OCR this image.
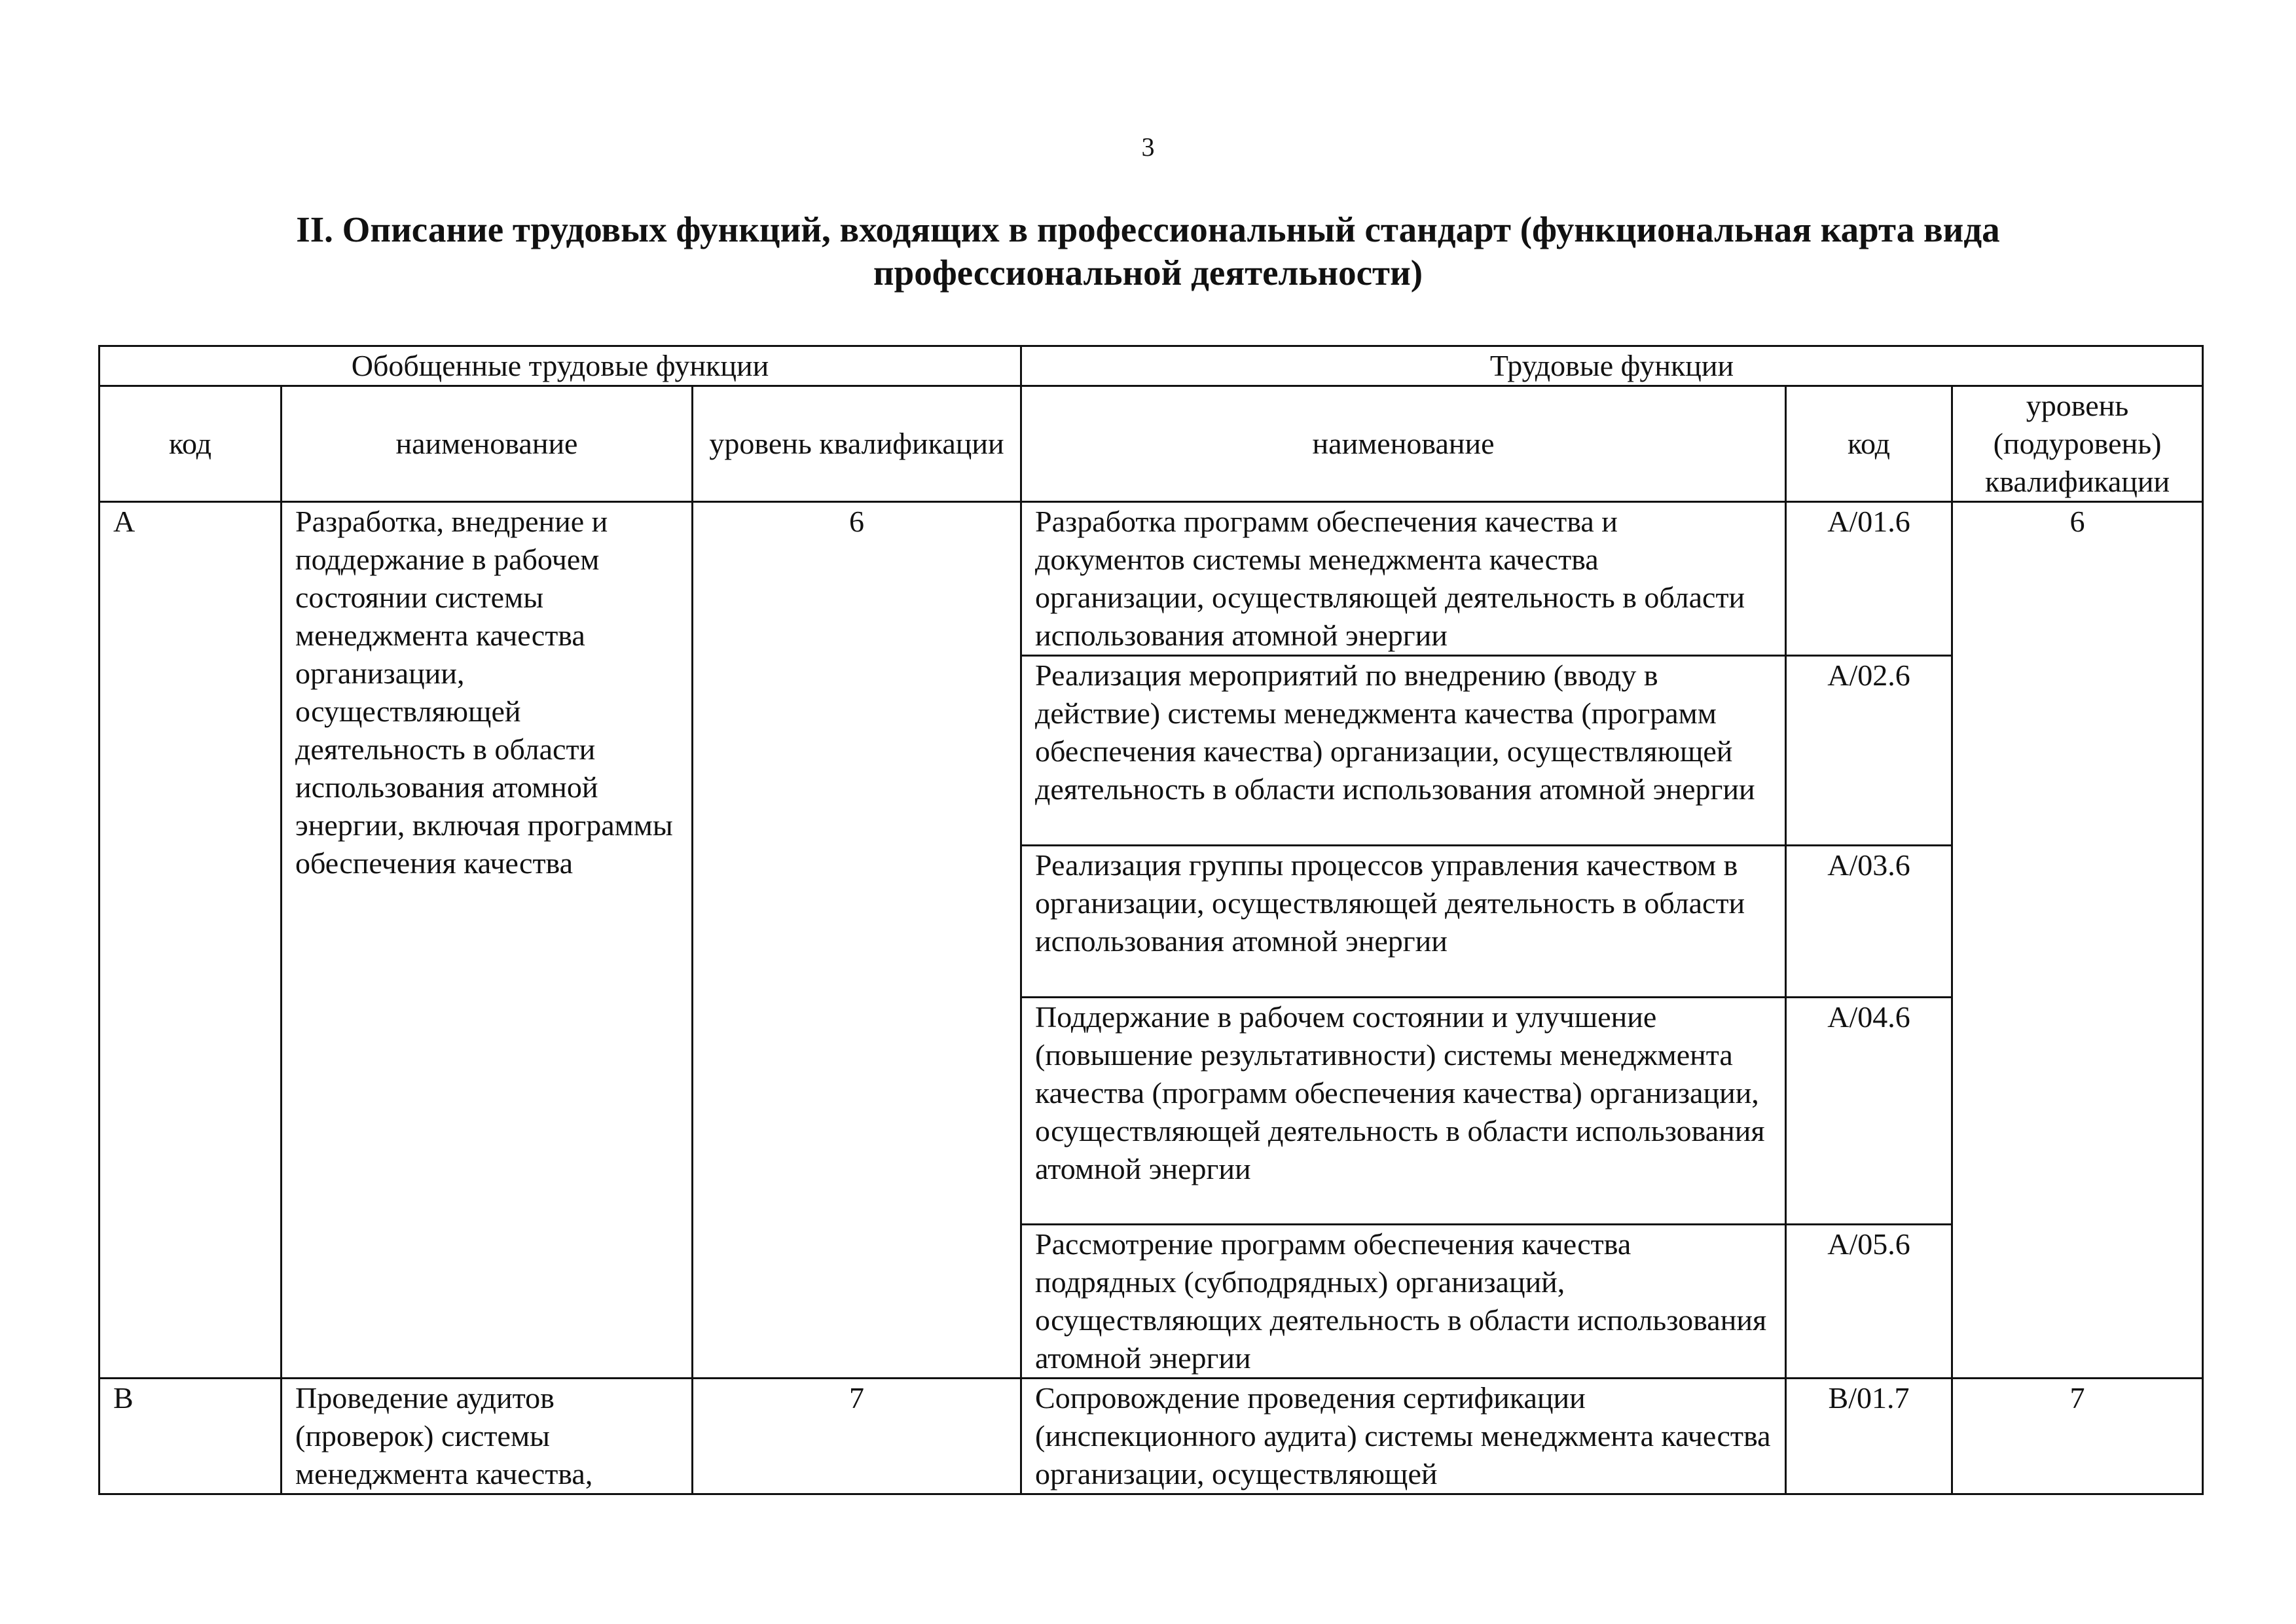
3
II. Описание трудовых функций, входящих в профессиональный стандарт (функциональная карта вида
профессиональной деятельности)
Обобщенные трудовые функции			Трудовые функции		
код	наименование	уровень квалификации	наименование	код	уровень (подуровень) квалификации
A	Разработка, внедрение и поддержание в рабочем состоянии системы менеджмента качества организации, осуществляющей деятельность в области использования атомной энергии, включая программы обеспечения качества	6	Разработка программ обеспечения качества и документов системы менеджмента качества организации, осуществляющей деятельность в области использования атомной энергии	A/01.6	6
			Реализация мероприятий по внедрению (вводу в действие) системы менеджмента качества (программ обеспечения качества) организации, осуществляющей деятельность в области использования атомной энергии	A/02.6	
			Реализация группы процессов управления качеством в организации, осуществляющей деятельность в области использования атомной энергии	A/03.6	
			Поддержание в рабочем состоянии и улучшение (повышение результативности) системы менеджмента качества (программ обеспечения качества) организации, осуществляющей деятельность в области использования атомной энергии	A/04.6	
			Рассмотрение программ обеспечения качества подрядных (субподрядных) организаций, осуществляющих деятельность в области использования атомной энергии	A/05.6	
B	Проведение аудитов (проверок) системы менеджмента качества,	7	Сопровождение проведения сертификации (инспекционного аудита) системы менеджмента качества организации, осуществляющей	B/01.7	7
